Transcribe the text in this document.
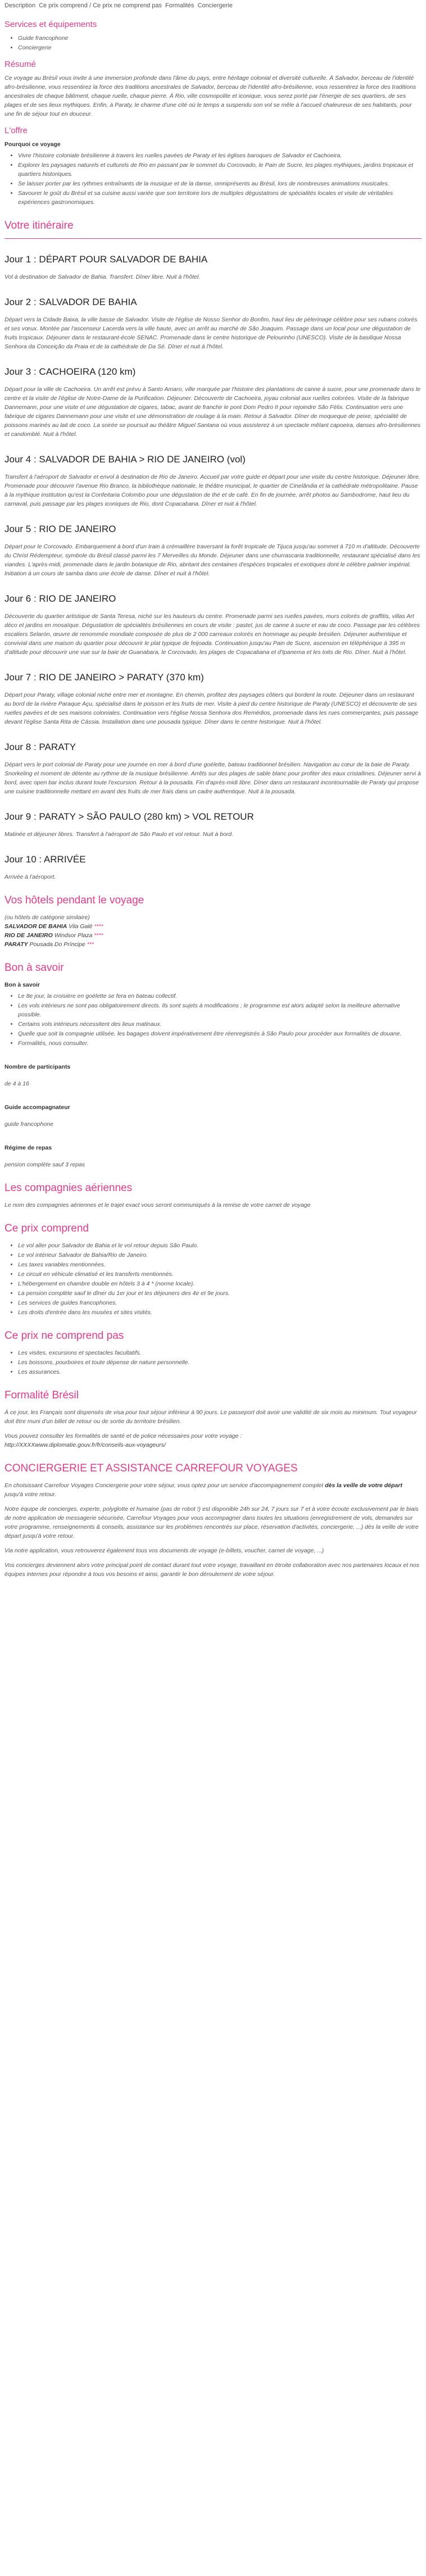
Description Ce prix comprend / Ce prix ne comprend pas Formalités Conciergerie
Services et équipements
• Guide francophone
• Conciergerie
Résumé

Ce voyage au Brésil vous invite à une immersion profonde dans l'âme du pays, entre héritage colonial et diversité culturelle. À Salvador, berceau de l'identité afro-brésilienne, vous ressentirez la force des traditions ancestrales de Salvador, berceau de l'identité afro-brésilienne, vous ressentirez la force des traditions ancestrales de chaque bâtiment, chaque ruelle, chaque pierre. À Rio, ville cosmopolite et iconique, vous serez porté par l'énergie de ses quartiers, de ses plages et de ses lieux mythiques. Enfin, à Paraty, le charme d'une cité où le temps a suspendu son vol se mêle à l'accueil chaleureux de ses habitants, pour une fin de séjour tout en douceur.

L'offre
Pourquoi ce voyage
• Vivre l'histoire coloniale brésilienne à travers les ruelles pavées de Paraty et les églises baroques de Salvador et Cachoeira.
• Explorer les paysages naturels et culturels de Rio en passant par le sommet du Corcovado, le Pain de Sucre, les plages mythiques, jardins tropicaux et quartiers historiques.
• Se laisser porter par les rythmes entraînants de la musique et de la danse, omniprésents au Brésil, lors de nombreuses animations musicales.
• Savourer le goût du Brésil et sa cuisine aussi variée que son territoire lors de multiples dégustations de spécialités locales et visite de véritables expériences gastronomiques.
Votre itinéraire
Jour 1 : DÉPART POUR SALVADOR DE BAHIA

Vol à destination de Salvador de Bahia. Transfert. Dîner libre. Nuit à l'hôtel.

Jour 2 : SALVADOR DE BAHIA

Départ vers la Cidade Baixa, la ville basse de Salvador. Visite de l'église de Nosso Senhor do Bonfim, haut lieu de pèlerinage célèbre pour ses rubans colorés et ses vœux. Montée par l'ascenseur Lacerda vers la ville haute, avec un arrêt au marché de São Joaquim. Passage dans un local pour une dégustation de fruits tropicaux. Déjeuner dans le restaurant-école SENAC. Promenade dans le centre historique de Pelourinho (UNESCO). Visite de la basilique Nossa Senhora da Conceição da Praia et de la cathédrale de Da Sé. Dîner et nuit à l'hôtel.

Jour 3 : CACHOEIRA (120 km)

Départ pour la ville de Cachoeira. Un arrêt est prévu à Santo Amaro, ville marquée par l'histoire des plantations de canne à sucre, pour une promenade dans le centre et la visite de l'église de Notre-Dame de la Purification. Déjeuner. Découverte de Cachoeira, joyau colonial aux ruelles colorées. Visite de la fabrique Dannemann, pour une visite et une dégustation de cigares, tabac, avant de franchir le pont Dom Pedro II pour rejoindre São Félix. Continuation vers une fabrique de cigares Dannemann pour une visite et une démonstration de roulage à la main. Retour à Salvador. Dîner de moqueque de peixe, spécialité de poissons marinés au lait de coco. La soirée se poursuit au théâtre Miguel Santana où vous assisterez à un spectacle mêlant capoeira, danses afro-brésiliennes et candomblé. Nuit à l'hôtel.

Jour 4 : SALVADOR DE BAHIA > RIO DE JANEIRO (vol)

Transfert à l'aéroport de Salvador et envol à destination de Rio de Janeiro. Accueil par votre guide et départ pour une visite du centre historique. Déjeuner libre. Promenade pour découvrir l'avenue Rio Branco, la bibliothèque nationale, le théâtre municipal, le quartier de Cinelândia et la cathédrale métropolitaine. Pause à la mythique institution qu'est la Confeitaria Colombo pour une dégustation de thé et de café. En fin de journée, arrêt photos au Sambodrome, haut lieu du carnaval, puis passage par les plages iconiques de Rio, dont Copacabana. Dîner et nuit à l'hôtel.

Jour 5 : RIO DE JANEIRO

Départ pour le Corcovado. Embarquement à bord d'un train à crémaillère traversant la forêt tropicale de Tijuca jusqu'au sommet à 710 m d'altitude. Découverte du Christ Rédempteur, symbole du Brésil classé parmi les 7 Merveilles du Monde. Déjeuner dans une churrascaria traditionnelle, restaurant spécialisé dans les viandes. L'après-midi, promenade dans le jardin botanique de Rio, abritant des centaines d'espèces tropicales et exotiques dont le célèbre palmier impérial. Initiation à un cours de samba dans une école de danse. Dîner et nuit à l'hôtel.

Jour 6 : RIO DE JANEIRO

Découverte du quartier artistique de Santa Teresa, niché sur les hauteurs du centre. Promenade parmi ses ruelles pavées, murs colorés de graffitis, villas Art déco et jardins en mosaïque. Dégustation de spécialités brésiliennes en cours de visite : pastel, jus de canne à sucre et eau de coco. Passage par les célèbres escaliers Selarón, œuvre de renommée mondiale composée de plus de 2 000 carreaux colorés en hommage au peuple brésilien. Déjeuner authentique et convivial dans une maison du quartier pour découvrir le plat typique de feijoada. Continuation jusqu'au Pain de Sucre, ascension en téléphérique à 395 m d'altitude pour découvrir une vue sur la baie de Guanabara, le Corcovado, les plages de Copacabana et d'Ipanema et les toits de Rio. Dîner. Nuit à l'hôtel.

Jour 7 : RIO DE JANEIRO > PARATY (370 km)

Départ pour Paraty, village colonial niché entre mer et montagne. En chemin, profitez des paysages côtiers qui bordent la route. Déjeuner dans un restaurant au bord de la rivière Paraque Açu, spécialisé dans le poisson et les fruits de mer. Visite à pied du centre historique de Paraty (UNESCO) et découverte de ses ruelles pavées et de ses maisons coloniales. Continuation vers l'église Nossa Senhora dos Remédios, promenade dans les rues commerçantes, puis passage devant l'église Santa Rita de Cássia. Installation dans une pousada typique. Dîner dans le centre historique. Nuit à l'hôtel.

Jour 8 : PARATY

Départ vers le port colonial de Paraty pour une journée en mer à bord d'une goélette, bateau traditionnel brésilien. Navigation au cœur de la baie de Paraty. Snorkeling et moment de détente au rythme de la musique brésilienne. Arrêts sur des plages de sable blanc pour profiter des eaux cristallines. Déjeuner servi à bord, avec open bar inclus durant toute l'excursion. Retour à la pousada. Fin d'après-midi libre. Dîner dans un restaurant incontournable de Paraty qui propose une cuisine traditionnelle mettant en avant des fruits de mer frais dans un cadre authentique. Nuit à la pousada.

Jour 9 : PARATY > SÃO PAULO (280 km) > VOL RETOUR

Matinée et déjeuner libres. Transfert à l'aéroport de São Paulo et vol retour. Nuit à bord.

Jour 10 : ARRIVÉE

Arrivée à l'aéroport.

Vos hôtels pendant le voyage
(ou hôtels de catégorie similaire)
SALVADOR DE BAHIA Vila Galé ****
RIO DE JANEIRO Windsor Plaza ****
PARATY Pousada Do Príncipe ***
Bon à savoir
Bon à savoir
• Le 8e jour, la croisière en goélette se fera en bateau collectif.
• Les vols intérieurs ne sont pas obligatoirement directs. Ils sont sujets à modifications ; le programme est alors adapté selon la meilleure alternative possible.
• Certains vols intérieurs nécessitent des lieux matinaux.
• Quelle que soit la compagnie utilisée, les bagages doivent impérativement être réenregistrés à São Paulo pour procéder aux formalités de douane.
• Formalités, nous consulter.
Nombre de participants
de 4 à 16
Guide accompagnateur
guide francophone
Régime de repas
pension complète sauf 3 repas
Les compagnies aériennes

Le nom des compagnies aériennes et le trajet exact vous seront communiqués à la remise de votre carnet de voyage

Ce prix comprend
• Le vol aller pour Salvador de Bahia et le vol retour depuis São Paulo.
• Le vol intérieur Salvador de Bahia/Rio de Janeiro.
• Les taxes variables mentionnées.
• Le circuit en véhicule climatisé et les transferts mentionnés.
• L'hébergement en chambre double en hôtels 3 à 4 * (norme locale).
• La pension complète sauf le dîner du 1er jour et les déjeuners des 4e et 9e jours.
• Les services de guides francophones.
• Les droits d'entrée dans les musées et sites visités.
Ce prix ne comprend pas
• Les visites, excursions et spectacles facultatifs.
• Les boissons, pourboires et toute dépense de nature personnelle.
• Les assurances.
Formalité Brésil

À ce jour, les Français sont dispensés de visa pour tout séjour inférieur à 90 jours. Le passeport doit avoir une validité de six mois au minimum. Tout voyageur doit être muni d'un billet de retour ou de sortie du territoire brésilien.

Vous pouvez consulter les formalités de santé et de police nécessaires pour votre voyage :

http://XXXXwww.diplomatie.gouv.fr/fr/conseils-aux-voyageurs/

CONCIERGERIE ET ASSISTANCE CARREFOUR VOYAGES

En choisissant Carrefour Voyages Conciergerie pour votre séjour, vous optez pour un service d'accompagnement complet dès la veille de votre départ jusqu'à votre retour.

Notre équipe de concierges, experte, polyglotte et humaine (pas de robot !) est disponible 24h sur 24, 7 jours sur 7 et à votre écoute exclusivement par le biais de notre application de messagerie sécurisée, Carrefour Voyages pour vous accompagner dans toutes les situations (enregistrement de vols, demandes sur votre programme, renseignements & conseils, assistance sur les problèmes rencontrés sur place, réservation d'activités, conciergerie, ...) dès la veille de votre départ jusqu'à votre retour.

Via notre application, vous retrouverez également tous vos documents de voyage (e-billets, voucher, carnet de voyage, ...)

Vos concierges deviennent alors votre principal point de contact durant tout votre voyage, travaillant en étroite collaboration avec nos partenaires locaux et nos équipes internes pour répondre à tous vos besoins et ainsi, garantir le bon déroulement de votre séjour.
